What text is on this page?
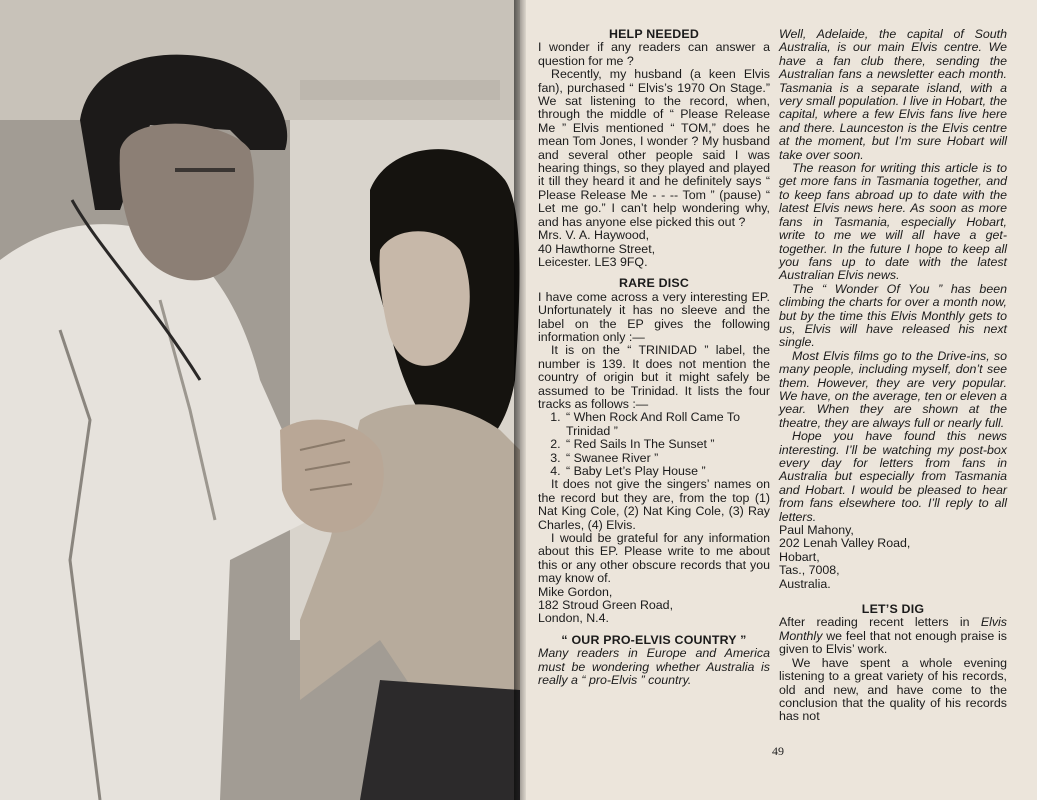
HELP NEEDED

I wonder if any readers can answer a question for me ?

Recently, my husband (a keen Elvis fan), purchased “ Elvis’s 1970 On Stage.” We sat listening to the record, when, through the middle of “ Please Release Me ” Elvis mentioned “ TOM,” does he mean Tom Jones, I wonder ? My husband and several other people said I was hearing things, so they played and played it till they heard it and he definitely says “ Please Release Me - - -- Tom ” (pause) “ Let me go.” I can’t help wondering why, and has anyone else picked this out ?

Mrs. V. A. Haywood,

40 Hawthorne Street,

Leicester. LE3 9FQ.

RARE DISC

I have come across a very interesting EP. Unfortunately it has no sleeve and the label on the EP gives the following information only :—

It is on the “ TRINIDAD ” label, the number is 139. It does not mention the country of origin but it might safely be assumed to be Trinidad. It lists the four tracks as follows :—

1. “ When Rock And Roll Came To Trinidad ”
2. “ Red Sails In The Sunset ”
3. “ Swanee River ”
4. “ Baby Let’s Play House ”

It does not give the singers’ names on the record but they are, from the top (1) Nat King Cole, (2) Nat King Cole, (3) Ray Charles, (4) Elvis.

I would be grateful for any information about this EP. Please write to me about this or any other obscure records that you may know of.

Mike Gordon,

182 Stroud Green Road,

London, N.4.

“ OUR PRO-ELVIS COUNTRY ”

Many readers in Europe and America must be wondering whether Australia is really a “ pro-Elvis ” country.

Well, Adelaide, the capital of South Australia, is our main Elvis centre. We have a fan club there, sending the Australian fans a newsletter each month. Tasmania is a separate island, with a very small population. I live in Hobart, the capital, where a few Elvis fans live here and there. Launceston is the Elvis centre at the moment, but I’m sure Hobart will take over soon.

The reason for writing this article is to get more fans in Tasmania together, and to keep fans abroad up to date with the latest Elvis news here. As soon as more fans in Tasmania, especially Hobart, write to me we will all have a get-together. In the future I hope to keep all you fans up to date with the latest Australian Elvis news.

The “ Wonder Of You ” has been climbing the charts for over a month now, but by the time this Elvis Monthly gets to us, Elvis will have released his next single.

Most Elvis films go to the Drive-ins, so many people, including myself, don’t see them. However, they are very popular. We have, on the average, ten or eleven a year. When they are shown at the theatre, they are always full or nearly full.

Hope you have found this news interesting. I’ll be watching my post-box every day for letters from fans in Australia but especially from Tasmania and Hobart. I would be pleased to hear from fans elsewhere too. I’ll reply to all letters.

Paul Mahony,

202 Lenah Valley Road,

Hobart,

Tas., 7008,

Australia.

LET’S DIG

After reading recent letters in Elvis Monthly we feel that not enough praise is given to Elvis’ work.

We have spent a whole evening listening to a great variety of his records, old and new, and have come to the conclusion that the quality of his records has not

49
